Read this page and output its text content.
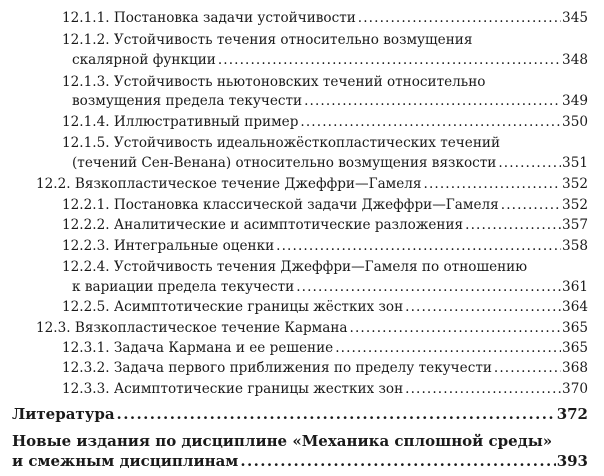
12.1.1. Постановка задачи устойчивости . . .	345
12.1.2. Устойчивость течения относительно возмущения
скалярной функции . . .	348
12.1.3. Устойчивость ньютоновских течений относительно
возмущения предела текучести . . .	349
12.1.4. Иллюстративный пример . . .	350
12.1.5. Устойчивость идеальножёсткопластических течений
(течений Сен-Венана) относительно возмущения вязкости . . .	351
12.2. Вязкопластическое течение Джеффри—Гамеля . . .	352
12.2.1. Постановка классической задачи Джеффри—Гамеля . . .	352
12.2.2. Аналитические и асимптотические разложения . . .	357
12.2.3. Интегральные оценки . . .	358
12.2.4. Устойчивость течения Джеффри—Гамеля по отношению
к вариации предела текучести . . .	361
12.2.5. Асимптотические границы жёстких зон . . .	364
12.3. Вязкопластическое течение Кармана . . .	365
12.3.1. Задача Кармана и ее решение . . .	365
12.3.2. Задача первого приближения по пределу текучести . . .	368
12.3.3. Асимптотические границы жестких зон . . .	370
Литература . . .	372
Новые издания по дисциплине «Механика сплошной среды»
и смежным дисциплинам . . .	393
